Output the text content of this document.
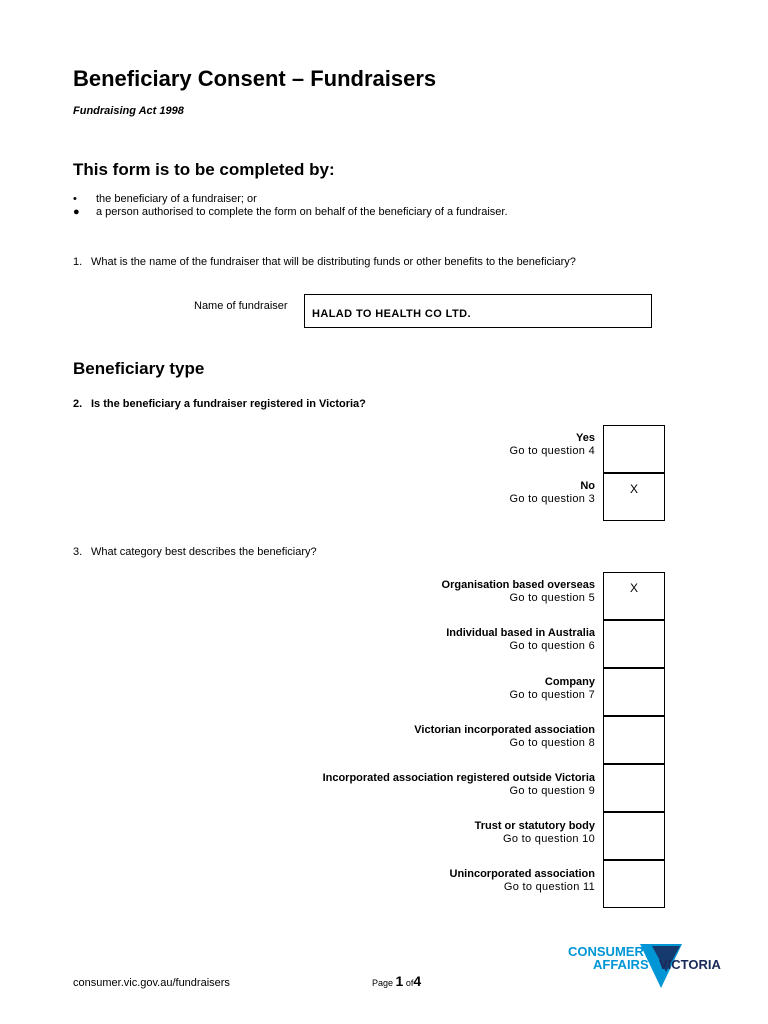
Beneficiary Consent – Fundraisers
Fundraising Act 1998
This form is to be completed by:
• the beneficiary of a fundraiser; or
● a person authorised to complete the form on behalf of the beneficiary of a fundraiser.
1. What is the name of the fundraiser that will be distributing funds or other benefits to the beneficiary?
Name of fundraiser
HALAD TO HEALTH CO LTD.
Beneficiary type
2. Is the beneficiary a fundraiser registered in Victoria?
Yes
Go to question 4
No
Go to question 3
X
3. What category best describes the beneficiary?
Organisation based overseas
Go to question 5
X
Individual based in Australia
Go to question 6
Company
Go to question 7
Victorian incorporated association
Go to question 8
Incorporated association registered outside Victoria
Go to question 9
Trust or statutory body
Go to question 10
Unincorporated association
Go to question 11
CONSUMER
AFFAIRS VICTORIA
consumer.vic.gov.au/fundraisers	Page 1 of4
